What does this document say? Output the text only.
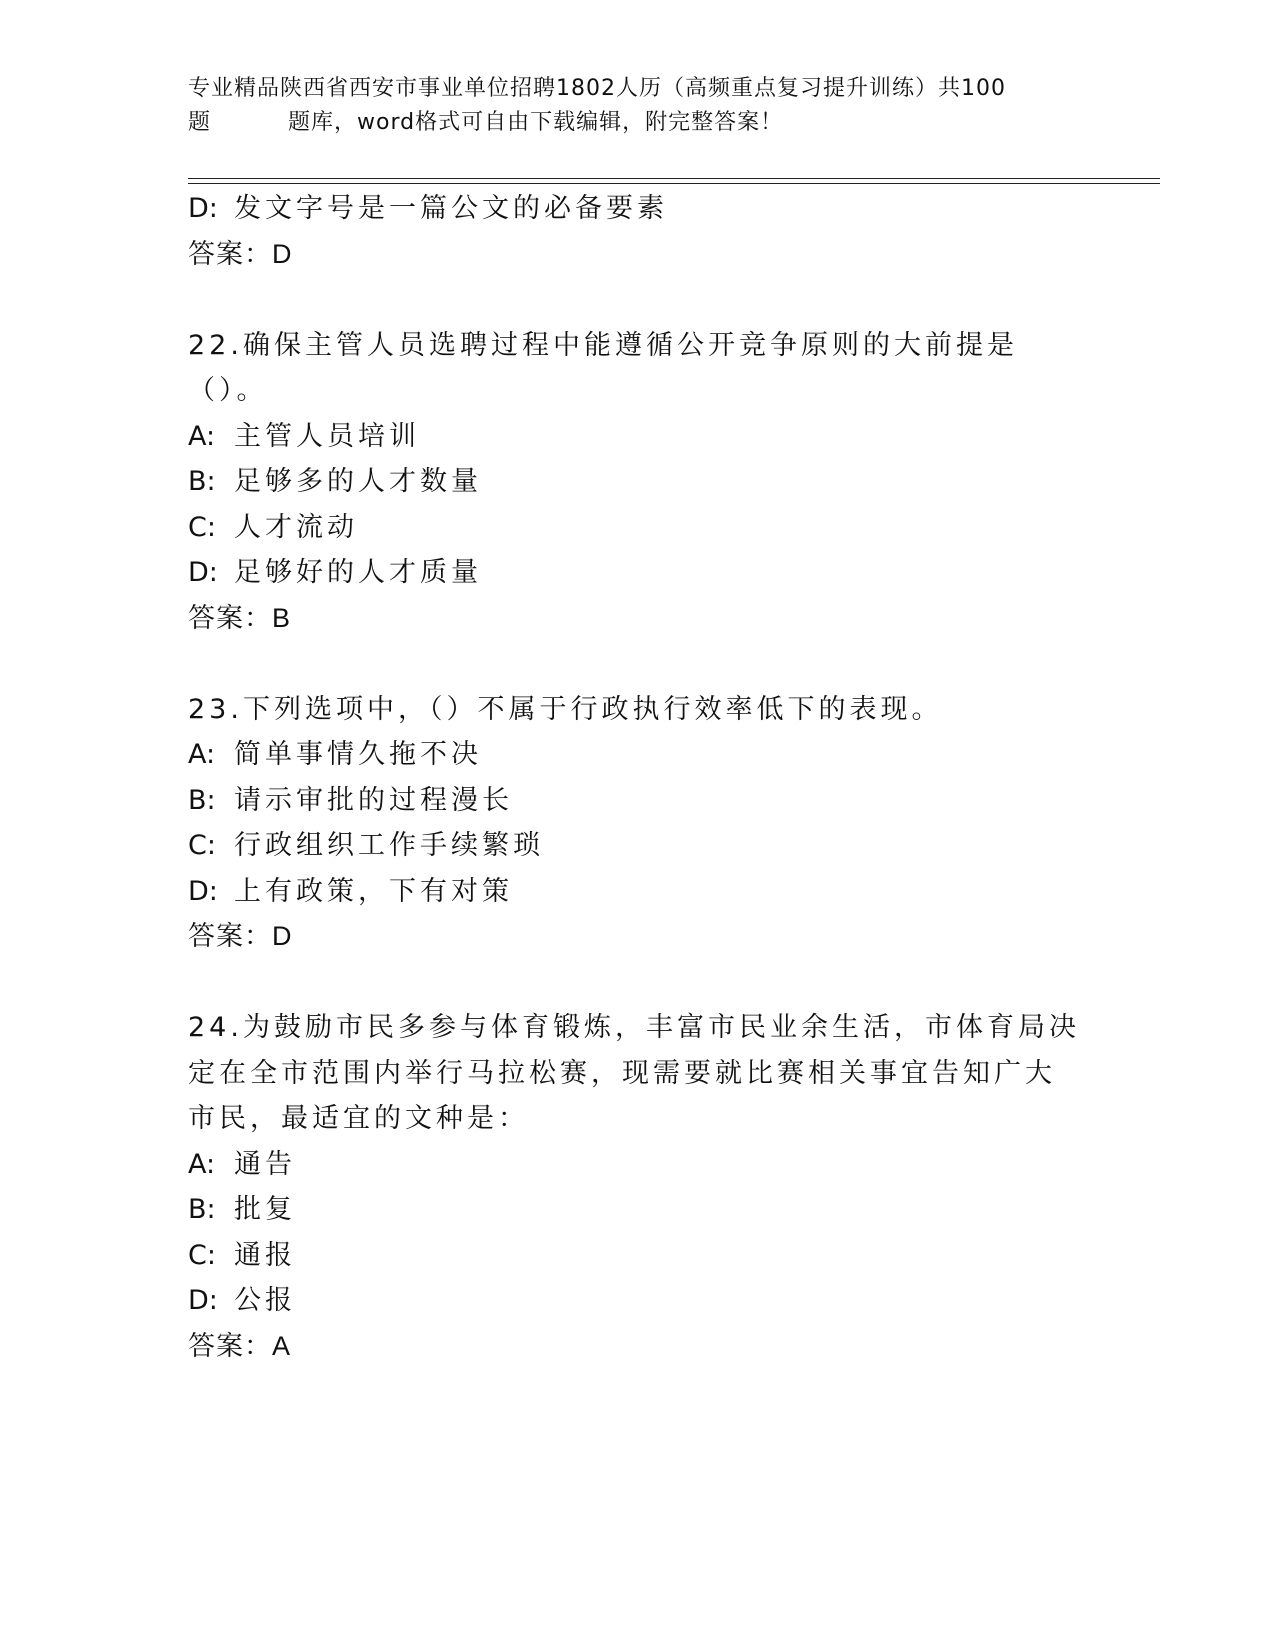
专业精品陕西省西安市事业单位招聘1802人历（高频重点复习提升训练）共100
题	题库，word格式可自由下载编辑，附完整答案！
D: 发文字号是一篇公文的必备要素
答案：D
22.确保主管人员选聘过程中能遵循公开竞争原则的大前提是（）。
A: 主管人员培训
B: 足够多的人才数量
C: 人才流动
D: 足够好的人才质量
答案：B
23.下列选项中，（）不属于行政执行效率低下的表现。
A: 简单事情久拖不决
B: 请示审批的过程漫长
C: 行政组织工作手续繁琐
D: 上有政策，下有对策
答案：D
24.为鼓励市民多参与体育锻炼，丰富市民业余生活，市体育局决定在全市范围内举行马拉松赛，现需要就比赛相关事宜告知广大市民，最适宜的文种是：
A: 通告
B: 批复
C: 通报
D: 公报
答案：A
